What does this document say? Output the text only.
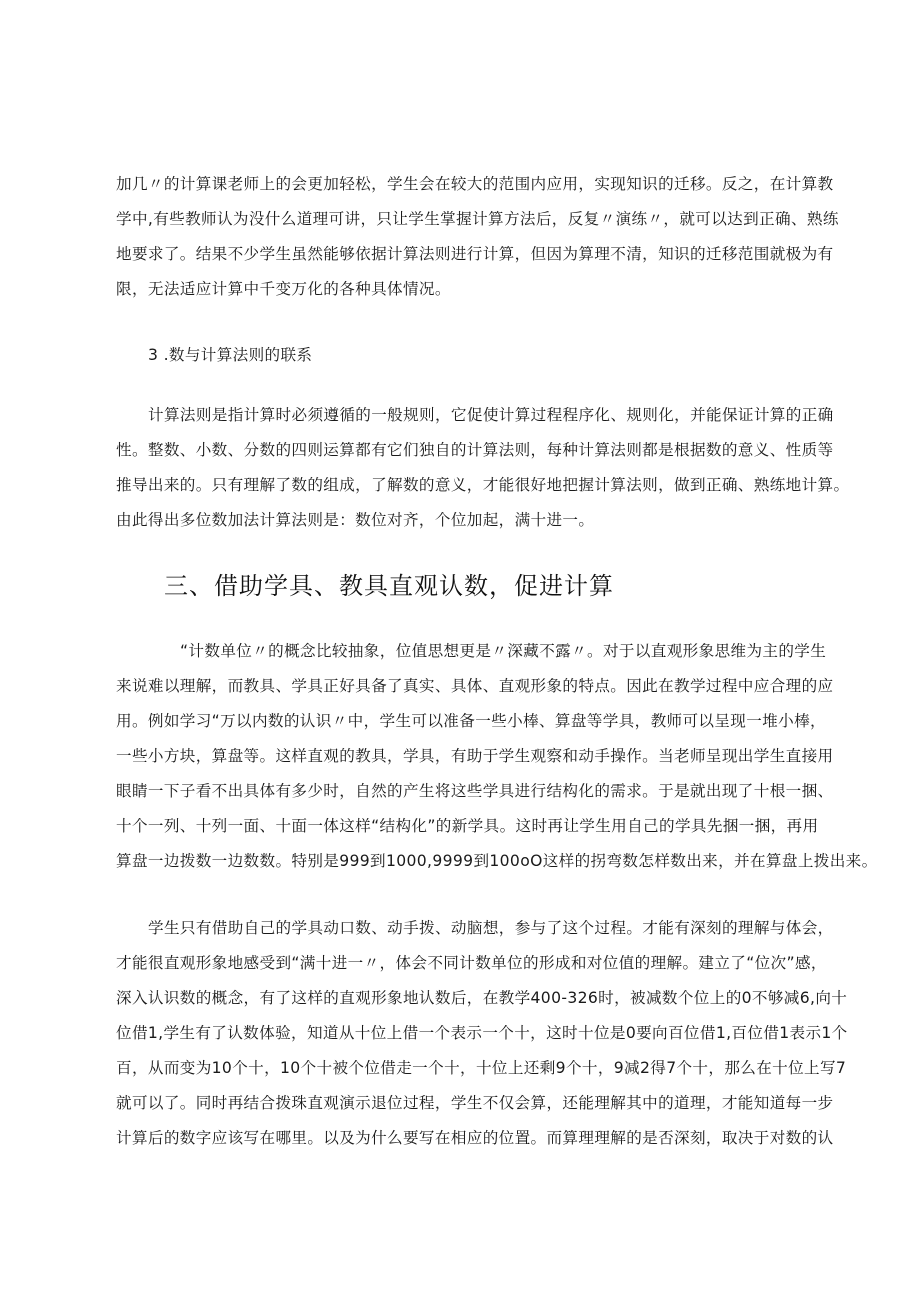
加几〃的计算课老师上的会更加轻松，学生会在较大的范围内应用，实现知识的迁移。反之，在计算教
学中,有些教师认为没什么道理可讲，只让学生掌握计算方法后，反复〃演练〃，就可以达到正确、熟练
地要求了。结果不少学生虽然能够依据计算法则进行计算，但因为算理不清，知识的迁移范围就极为有
限，无法适应计算中千变万化的各种具体情况。
3 .数与计算法则的联系
计算法则是指计算时必须遵循的一般规则，它促使计算过程程序化、规则化，并能保证计算的正确
性。整数、小数、分数的四则运算都有它们独自的计算法则，每种计算法则都是根据数的意义、性质等
推导出来的。只有理解了数的组成，了解数的意义，才能很好地把握计算法则，做到正确、熟练地计算。
由此得出多位数加法计算法则是：数位对齐，个位加起，满十进一。
三、借助学具、教具直观认数，促进计算
“计数单位〃的概念比较抽象，位值思想更是〃深藏不露〃。对于以直观形象思维为主的学生
来说难以理解，而教具、学具正好具备了真实、具体、直观形象的特点。因此在教学过程中应合理的应
用。例如学习“万以内数的认识〃中，学生可以准备一些小棒、算盘等学具，教师可以呈现一堆小棒，
一些小方块，算盘等。这样直观的教具，学具，有助于学生观察和动手操作。当老师呈现出学生直接用
眼睛一下子看不出具体有多少时，自然的产生将这些学具进行结构化的需求。于是就出现了十根一捆、
十个一列、十列一面、十面一体这样“结构化”的新学具。这时再让学生用自己的学具先捆一捆，再用
算盘一边拨数一边数数。特别是999到1000,9999到100oO这样的拐弯数怎样数出来，并在算盘上拨出来。
学生只有借助自己的学具动口数、动手拨、动脑想，参与了这个过程。才能有深刻的理解与体会，
才能很直观形象地感受到“满十进一〃，体会不同计数单位的形成和对位值的理解。建立了“位次”感，
深入认识数的概念，有了这样的直观形象地认数后，在教学400-326时，被减数个位上的0不够减6,向十
位借1,学生有了认数体验，知道从十位上借一个表示一个十，这时十位是0要向百位借1,百位借1表示1个
百，从而变为10个十，10个十被个位借走一个十，十位上还剩9个十，9减2得7个十，那么在十位上写7
就可以了。同时再结合拨珠直观演示退位过程，学生不仅会算，还能理解其中的道理，才能知道每一步
计算后的数字应该写在哪里。以及为什么要写在相应的位置。而算理理解的是否深刻，取决于对数的认
